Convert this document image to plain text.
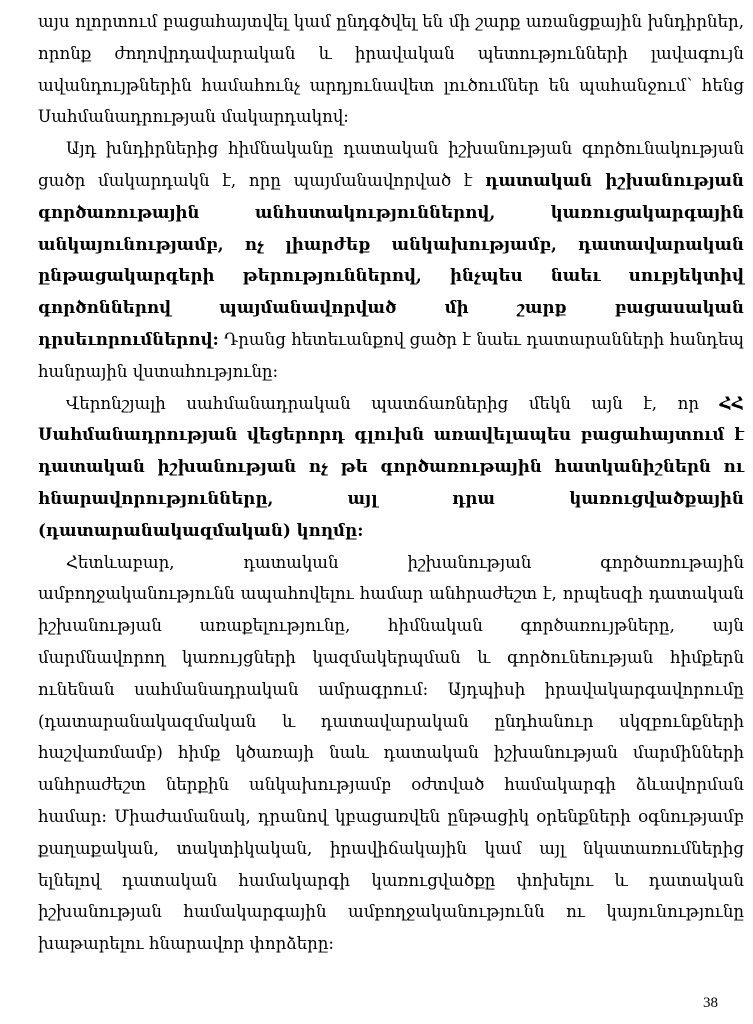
այս ոլորտում բացահայտվել կամ ընդգծվել են մի շարք առանցքային խնդիրներ, որոնք ժողովրդավարական և իրավական պետությունների լավագույն ավանդույթներին համահունչ արդյունավետ լուծումներ են պահանջում՝ հենց Սահմանադրության մակարդակով:

Այդ խնդիրներից հիմնականը դատական իշխանության գործունակության ցածր մակարդակն է, որը պայմանավորված է դատական իշխանության գործառութային անհստակություններով, կառուցակարգային անկայունությամբ, ոչ լիարժեք անկախությամբ, դատավարական ընթացակարգերի թերություններով, ինչպես նաեւ սուբյեկտիվ գործոններով պայմանավորված մի շարք բացասական դրսեւորումներով: Դրանց հետեւանքով ցածր է նաեւ դատարանների հանդեպ հանրային վստահությունը:

Վերոնշյալի սահմանադրական պատճառներից մեկն այն է, որ ՀՀ Սահմանադրության վեցերորդ գլուխն առավելապես բացահայտում է դատական իշխանության ոչ թե գործառութային հատկանիշներն ու հնարավորությունները, այլ դրա կառուցվածքային (դատարանակազմական) կողմը:

Հետևաբար, դատական իշխանության գործառութային ամբողջականությունն ապահովելու համար անհրաժեշտ է, որպեսզի դատական իշխանության առաքելությունը, հիմնական գործառույթները, այն մարմնավորող կառույցների կազմակերպման և գործունեության հիմքերն ունենան սահմանադրական ամրագրում: Այդպիսի իրավակարգավորումը (դատարանակազմական և դատավարական ընդհանուր սկզբունքների հաշվառմամբ) հիմք կծառայի նաև դատական իշխանության մարմինների անհրաժեշտ ներքին անկախությամբ օժտված համակարգի ձևավորման համար: Միաժամանակ, դրանով կբացառվեն ընթացիկ օրենքների օգնությամբ քաղաքական, տակտիկական, իրավիճակային կամ այլ նկատառումներից ելնելով դատական համակարգի կառուցվածքը փոխելու և դատական իշխանության համակարգային ամբողջականությունն ու կայունությունը խաթարելու հնարավոր փորձերը:

38
